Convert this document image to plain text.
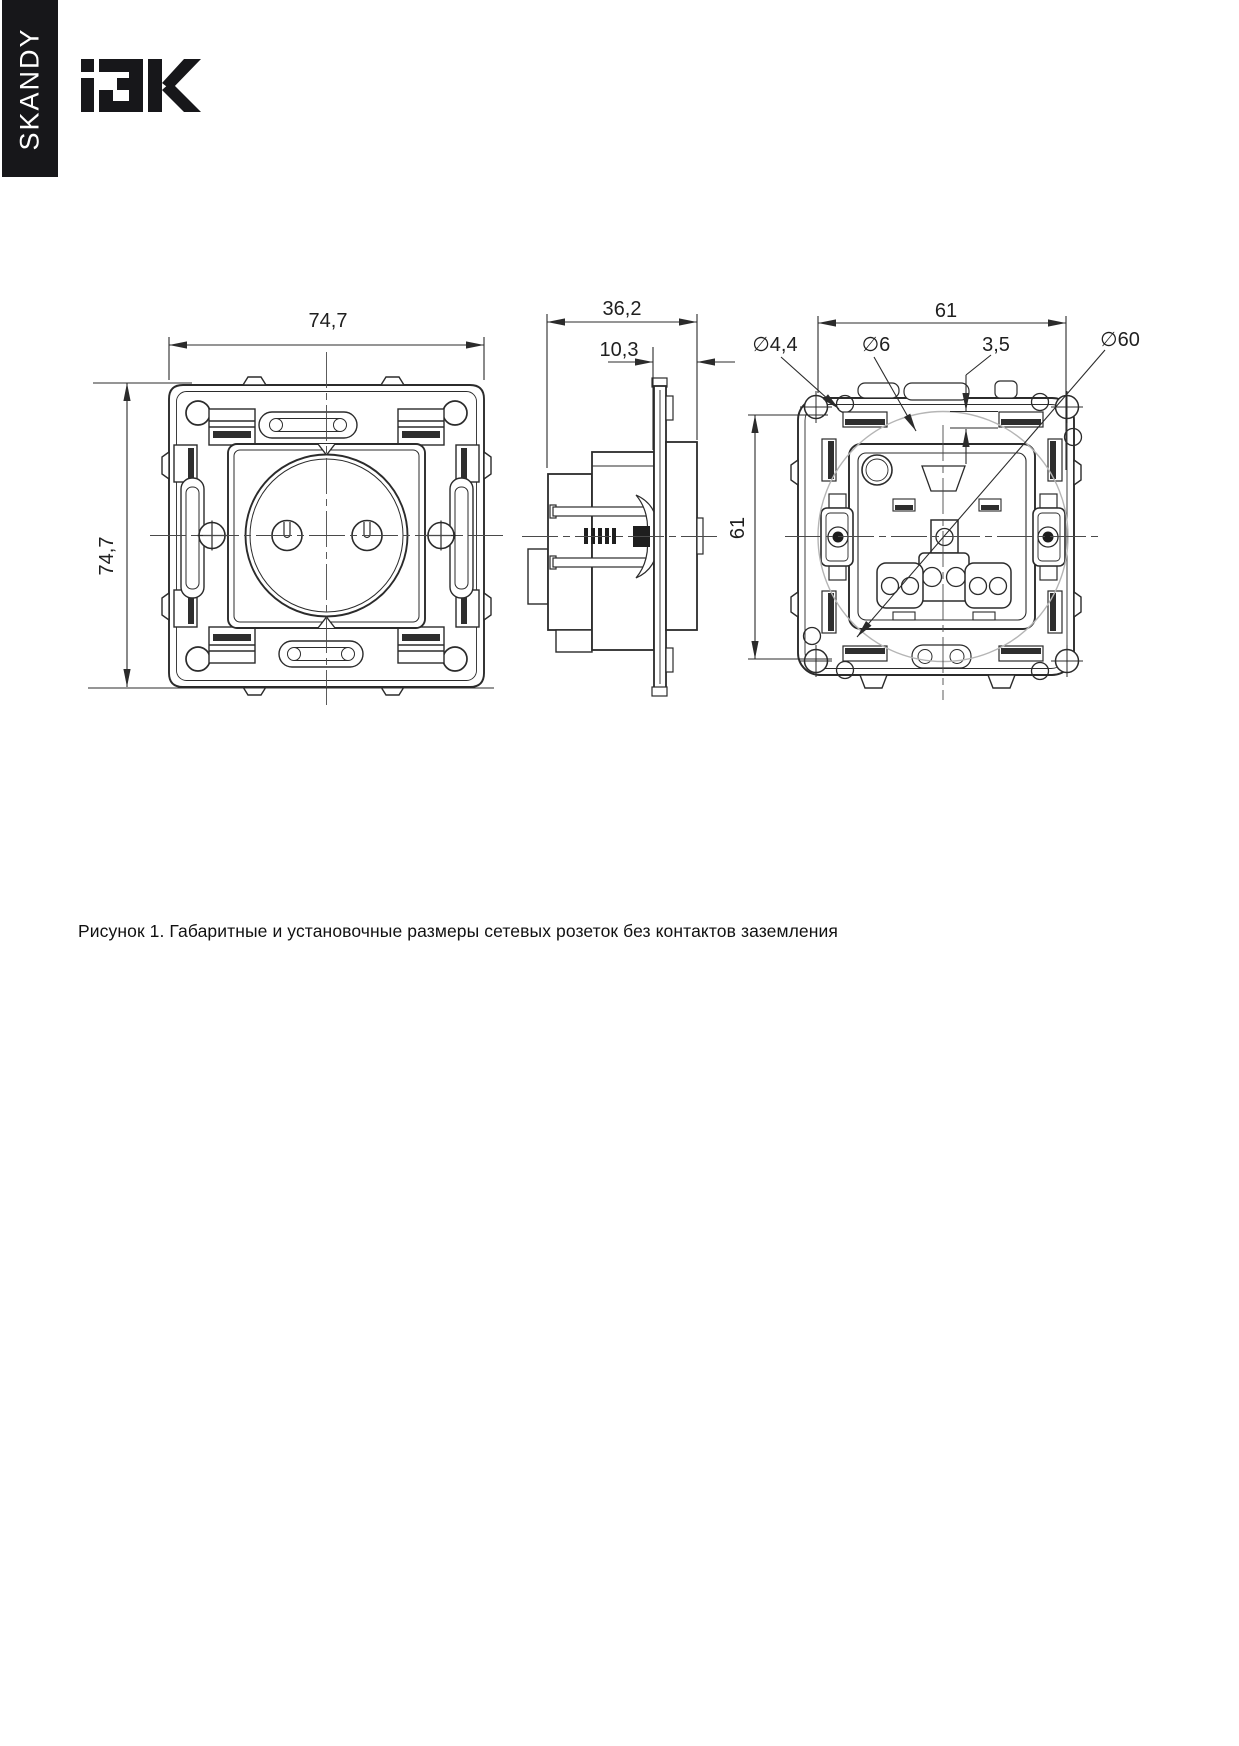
SKANDY
74,7
74,7
36,2
10,3
61
61
∅4,4	∅6	3,5	∅60
Рисунок 1. Габаритные и установочные размеры сетевых розеток без контактов заземления
